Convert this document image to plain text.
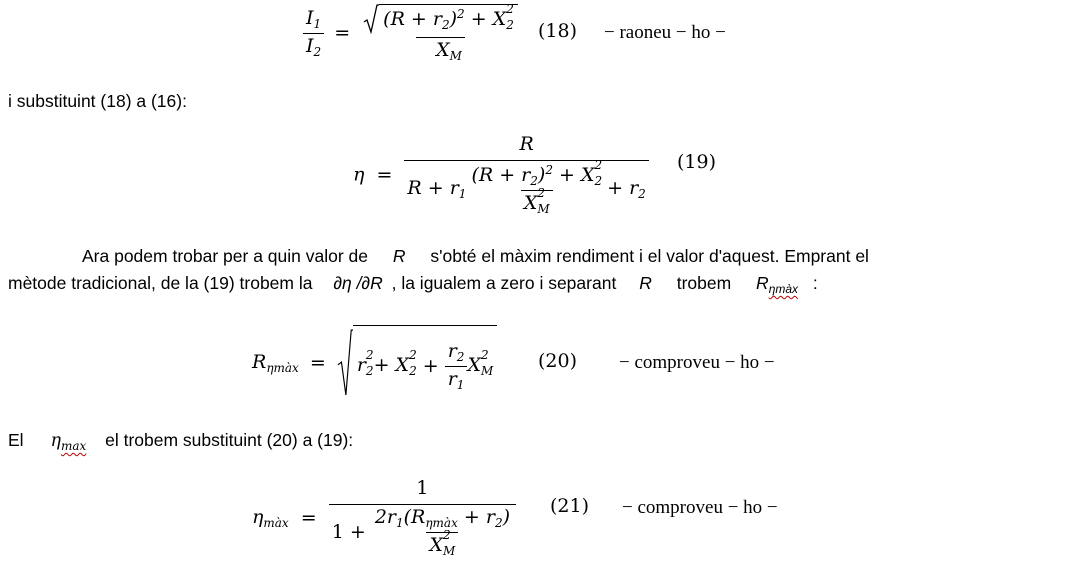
$\frac{I_1}{I_2} = (R + r_2)^2 + X$ 2
$_2$
$X_M$ (18) − raoneu − ho −
i substituint (18) a (16):
η =
R
$R + r_1$ $(R + r_2)^2 + X$ 2
$_2$
X 2
$_M + r_2$
(19)
Ara podem trobar per a quin valor de R s'obté el màxim rendiment i el valor d'aquest. Emprant el
mètode tradicional, de la (19) trobem la ∂η /∂R , la igualem a zero i separant R trobem $R_{\eta màx}$ :
$R_{\eta màx} = r$ 2
$_2$ + X 2
$_2 + \frac{r_2}{r_1}$ X 2
$_M$ (20) − comproveu − ho −
El $\eta_{max}$ el trobem substituint (20) a (19):
$\eta_{màx} = 1$
$1 + 2r_1(R_{\eta màx} + r_2)$
X 2
$_M$ (21) − comproveu − ho −
